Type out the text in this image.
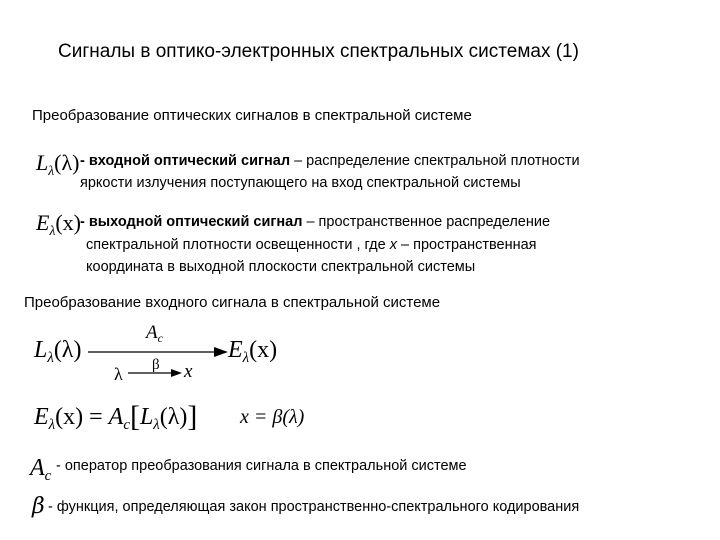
Сигналы в оптико-электронных спектральных системах (1)
Преобразование оптических сигналов в спектральной системе
$L_\lambda(\lambda)$ - входной оптический сигнал – распределение спектральной плотности
яркости излучения поступающего на вход спектральной системы
$E_\lambda(x)$
- выходной оптический сигнал – пространственное распределение
спектральной плотности освещенности , где x – пространственная
координата в выходной плоскости спектральной системы
Преобразование входного сигнала в спектральной системе
$L_\lambda(\lambda)$
$A_c$
β
λ	x
$E_\lambda(x)$
$E_\lambda(x) = A_c[L_\lambda(\lambda)] x = \beta(\lambda)$
$A_c$
- оператор преобразования сигнала в спектральной системе
β - функция, определяющая закон пространственно-спектрального кодирования
